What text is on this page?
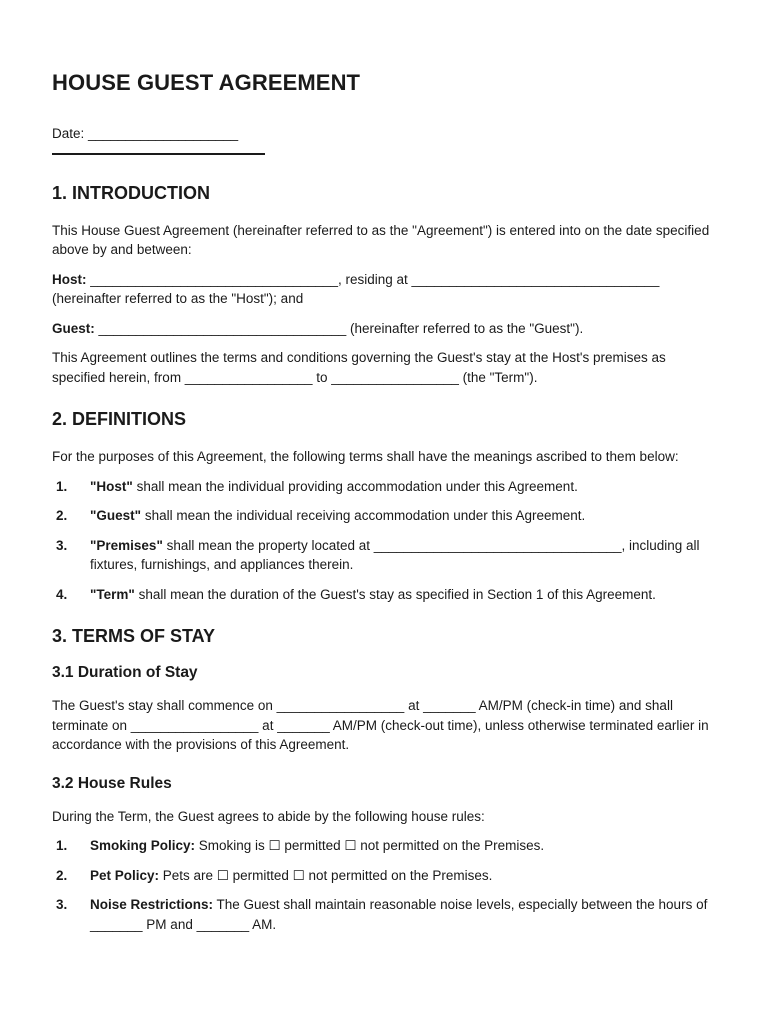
HOUSE GUEST AGREEMENT

Date: ____________________

1. INTRODUCTION

This House Guest Agreement (hereinafter referred to as the "Agreement") is entered into on the date specified above by and between:

Host: _________________________________, residing at _________________________________ (hereinafter referred to as the "Host"); and

Guest: _________________________________ (hereinafter referred to as the "Guest").

This Agreement outlines the terms and conditions governing the Guest's stay at the Host's premises as specified herein, from _________________ to _________________ (the "Term").

2. DEFINITIONS

For the purposes of this Agreement, the following terms shall have the meanings ascribed to them below:

1. "Host" shall mean the individual providing accommodation under this Agreement.
2. "Guest" shall mean the individual receiving accommodation under this Agreement.
3. "Premises" shall mean the property located at _________________________________, including all fixtures, furnishings, and appliances therein.
4. "Term" shall mean the duration of the Guest's stay as specified in Section 1 of this Agreement.
3. TERMS OF STAY
3.1 Duration of Stay

The Guest's stay shall commence on _________________ at _______ AM/PM (check-in time) and shall terminate on _________________ at _______ AM/PM (check-out time), unless otherwise terminated earlier in accordance with the provisions of this Agreement.

3.2 House Rules

During the Term, the Guest agrees to abide by the following house rules:

1. Smoking Policy: Smoking is ☐ permitted ☐ not permitted on the Premises.
2. Pet Policy: Pets are ☐ permitted ☐ not permitted on the Premises.
3. Noise Restrictions: The Guest shall maintain reasonable noise levels, especially between the hours of _______ PM and _______ AM.
